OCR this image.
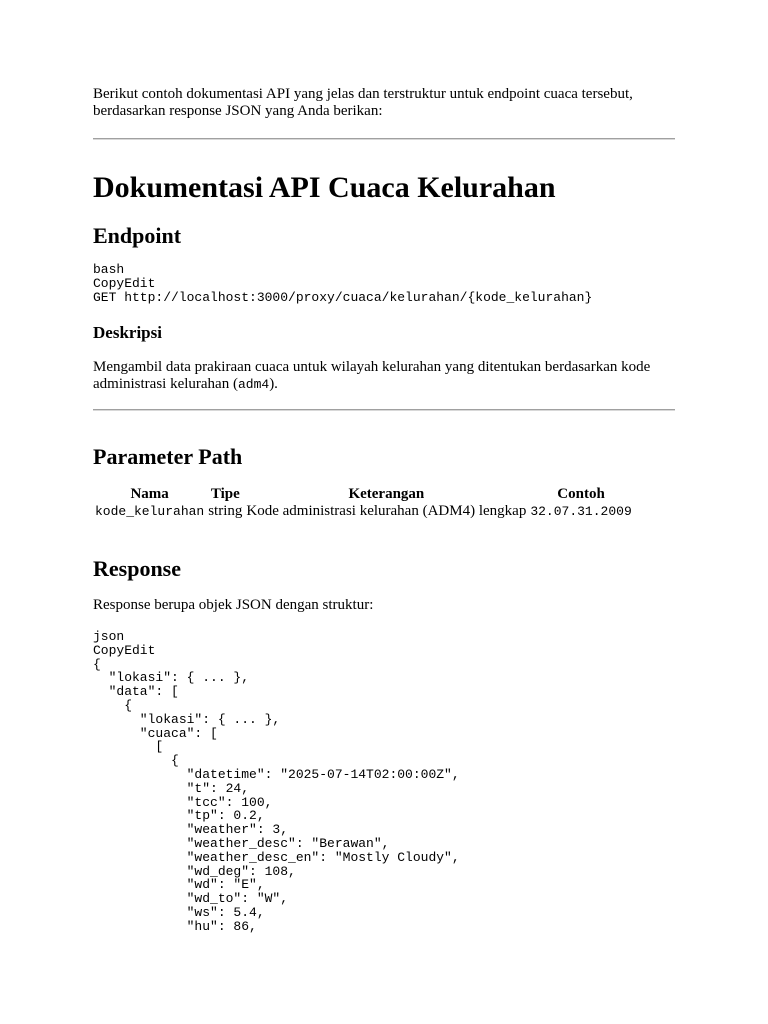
Berikut contoh dokumentasi API yang jelas dan terstruktur untuk endpoint cuaca tersebut, berdasarkan response JSON yang Anda berikan:

Dokumentasi API Cuaca Kelurahan
Endpoint
bash
CopyEdit
GET http://localhost:3000/proxy/cuaca/kelurahan/{kode_kelurahan}
Deskripsi

Mengambil data prakiraan cuaca untuk wilayah kelurahan yang ditentukan berdasarkan kode administrasi kelurahan (adm4).

Parameter Path
Nama	Tipe	Keterangan	Contoh
kode_kelurahan	string	Kode administrasi kelurahan (ADM4) lengkap	32.07.31.2009
Response

Response berupa objek JSON dengan struktur:

json
CopyEdit
{
"lokasi": { ... },
"data": [
{
"lokasi": { ... },
"cuaca": [
[
{
"datetime": "2025-07-14T02:00:00Z",
"t": 24,
"tcc": 100,
"tp": 0.2,
"weather": 3,
"weather_desc": "Berawan",
"weather_desc_en": "Mostly Cloudy",
"wd_deg": 108,
"wd": "E",
"wd_to": "W",
"ws": 5.4,
"hu": 86,
